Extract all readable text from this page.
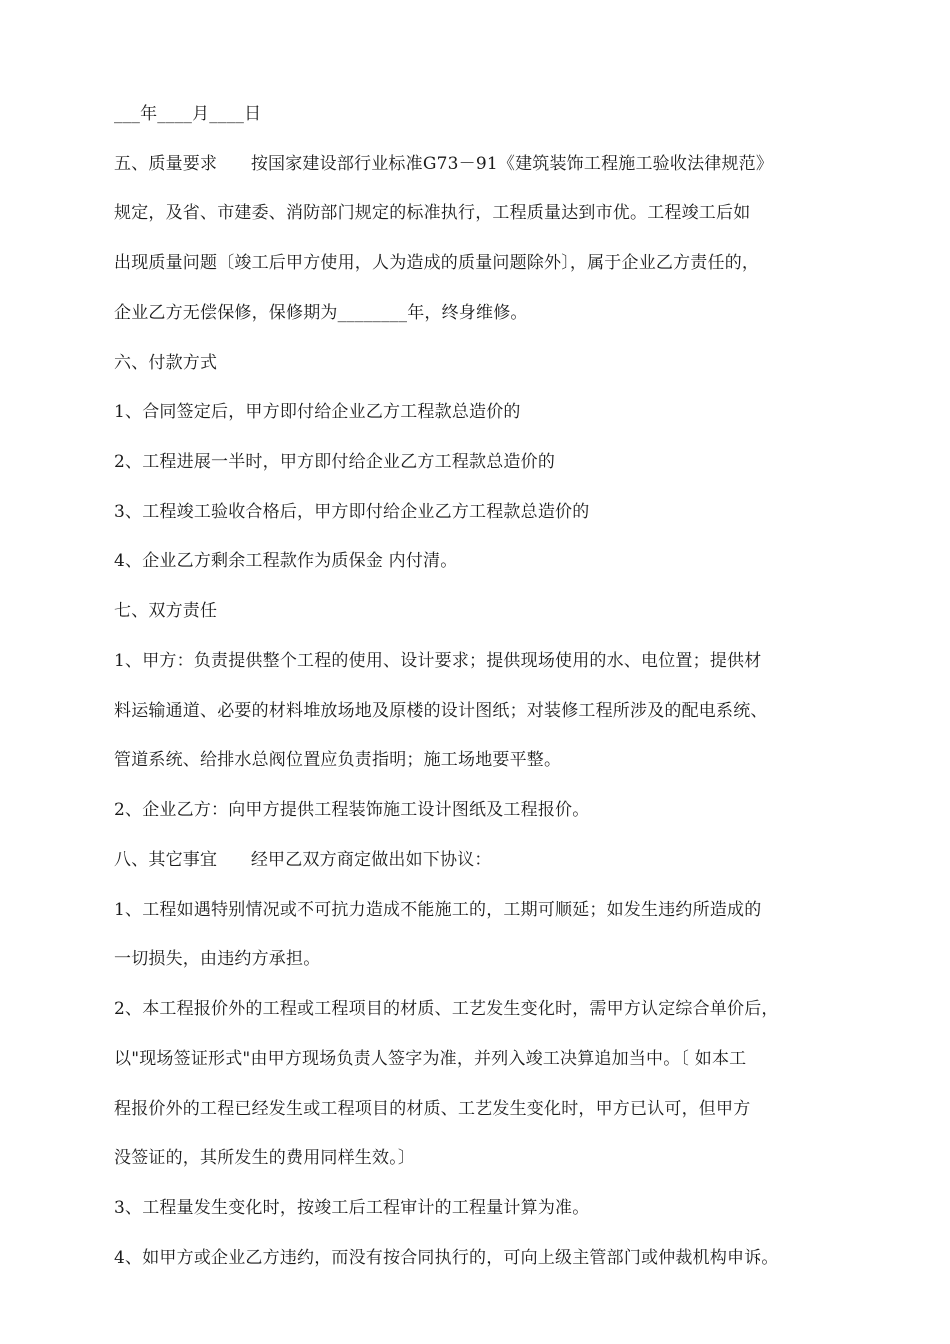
___年____月____日
五、质量要求      按国家建设部行业标准G73－91《建筑装饰工程施工验收法律规范》
规定，及省、市建委、消防部门规定的标准执行，工程质量达到市优。工程竣工后如
出现质量问题〔竣工后甲方使用，人为造成的质量问题除外〕，属于企业乙方责任的，
企业乙方无偿保修，保修期为________年，终身维修。
六、付款方式
1、合同签定后，甲方即付给企业乙方工程款总造价的
2、工程进展一半时，甲方即付给企业乙方工程款总造价的
3、工程竣工验收合格后，甲方即付给企业乙方工程款总造价的
4、企业乙方剩余工程款作为质保金 内付清。
七、双方责任
1、甲方：负责提供整个工程的使用、设计要求；提供现场使用的水、电位置；提供材
料运输通道、必要的材料堆放场地及原楼的设计图纸；对装修工程所涉及的配电系统、
管道系统、给排水总阀位置应负责指明；施工场地要平整。
2、企业乙方：向甲方提供工程装饰施工设计图纸及工程报价。
八、其它事宜      经甲乙双方商定做出如下协议：
1、工程如遇特别情况或不可抗力造成不能施工的，工期可顺延；如发生违约所造成的
一切损失，由违约方承担。
2、本工程报价外的工程或工程项目的材质、工艺发生变化时，需甲方认定综合单价后，
以"现场签证形式"由甲方现场负责人签字为准，并列入竣工决算追加当中。〔 如本工
程报价外的工程已经发生或工程项目的材质、工艺发生变化时，甲方已认可，但甲方
没签证的，其所发生的费用同样生效。〕
3、工程量发生变化时，按竣工后工程审计的工程量计算为准。
4、如甲方或企业乙方违约，而没有按合同执行的，可向上级主管部门或仲裁机构申诉。
